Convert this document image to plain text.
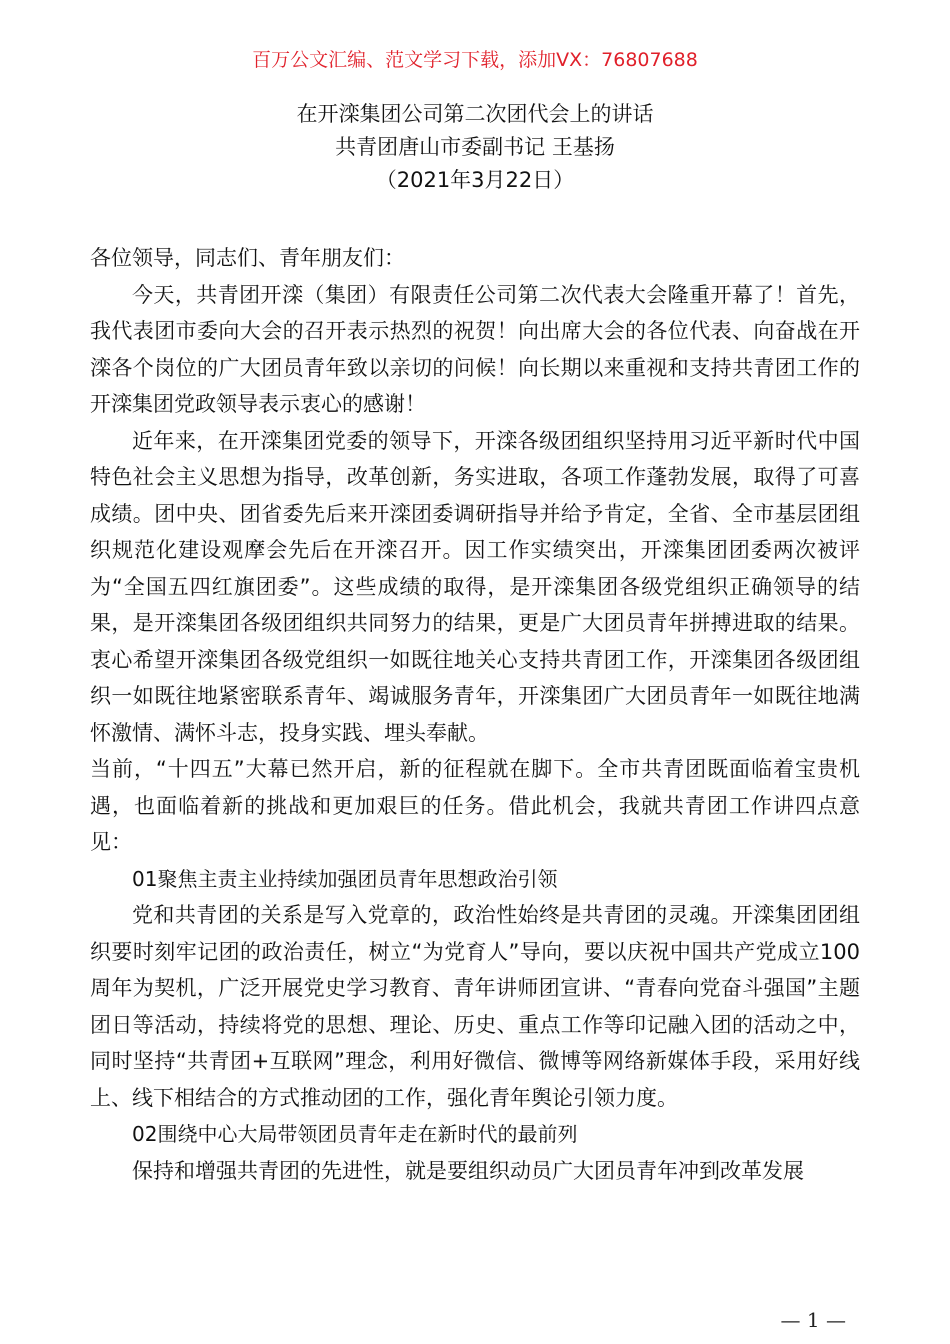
百万公文汇编、范文学习下载，添加VX：76807688
在开滦集团公司第二次团代会上的讲话
共青团唐山市委副书记 王基扬
（2021年3月22日）

各位领导，同志们、青年朋友们：

今天，共青团开滦（集团）有限责任公司第二次代表大会隆重开幕了！首先，我代表团市委向大会的召开表示热烈的祝贺！向出席大会的各位代表、向奋战在开滦各个岗位的广大团员青年致以亲切的问候！向长期以来重视和支持共青团工作的开滦集团党政领导表示衷心的感谢！

近年来，在开滦集团党委的领导下，开滦各级团组织坚持用习近平新时代中国特色社会主义思想为指导，改革创新，务实进取，各项工作蓬勃发展，取得了可喜成绩。团中央、团省委先后来开滦团委调研指导并给予肯定，全省、全市基层团组织规范化建设观摩会先后在开滦召开。因工作实绩突出，开滦集团团委两次被评为“全国五四红旗团委”。这些成绩的取得，是开滦集团各级党组织正确领导的结果，是开滦集团各级团组织共同努力的结果，更是广大团员青年拼搏进取的结果。衷心希望开滦集团各级党组织一如既往地关心支持共青团工作，开滦集团各级团组织一如既往地紧密联系青年、竭诚服务青年，开滦集团广大团员青年一如既往地满怀激情、满怀斗志，投身实践、埋头奉献。

当前，“十四五”大幕已然开启，新的征程就在脚下。全市共青团既面临着宝贵机遇，也面临着新的挑战和更加艰巨的任务。借此机会，我就共青团工作讲四点意见：

01聚焦主责主业持续加强团员青年思想政治引领

党和共青团的关系是写入党章的，政治性始终是共青团的灵魂。开滦集团团组织要时刻牢记团的政治责任，树立“为党育人”导向，要以庆祝中国共产党成立100周年为契机，广泛开展党史学习教育、青年讲师团宣讲、“青春向党奋斗强国”主题团日等活动，持续将党的思想、理论、历史、重点工作等印记融入团的活动之中，同时坚持“共青团+互联网”理念，利用好微信、微博等网络新媒体手段，采用好线上、线下相结合的方式推动团的工作，强化青年舆论引领力度。

02围绕中心大局带领团员青年走在新时代的最前列

保持和增强共青团的先进性，就是要组织动员广大团员青年冲到改革发展

— 1 —
